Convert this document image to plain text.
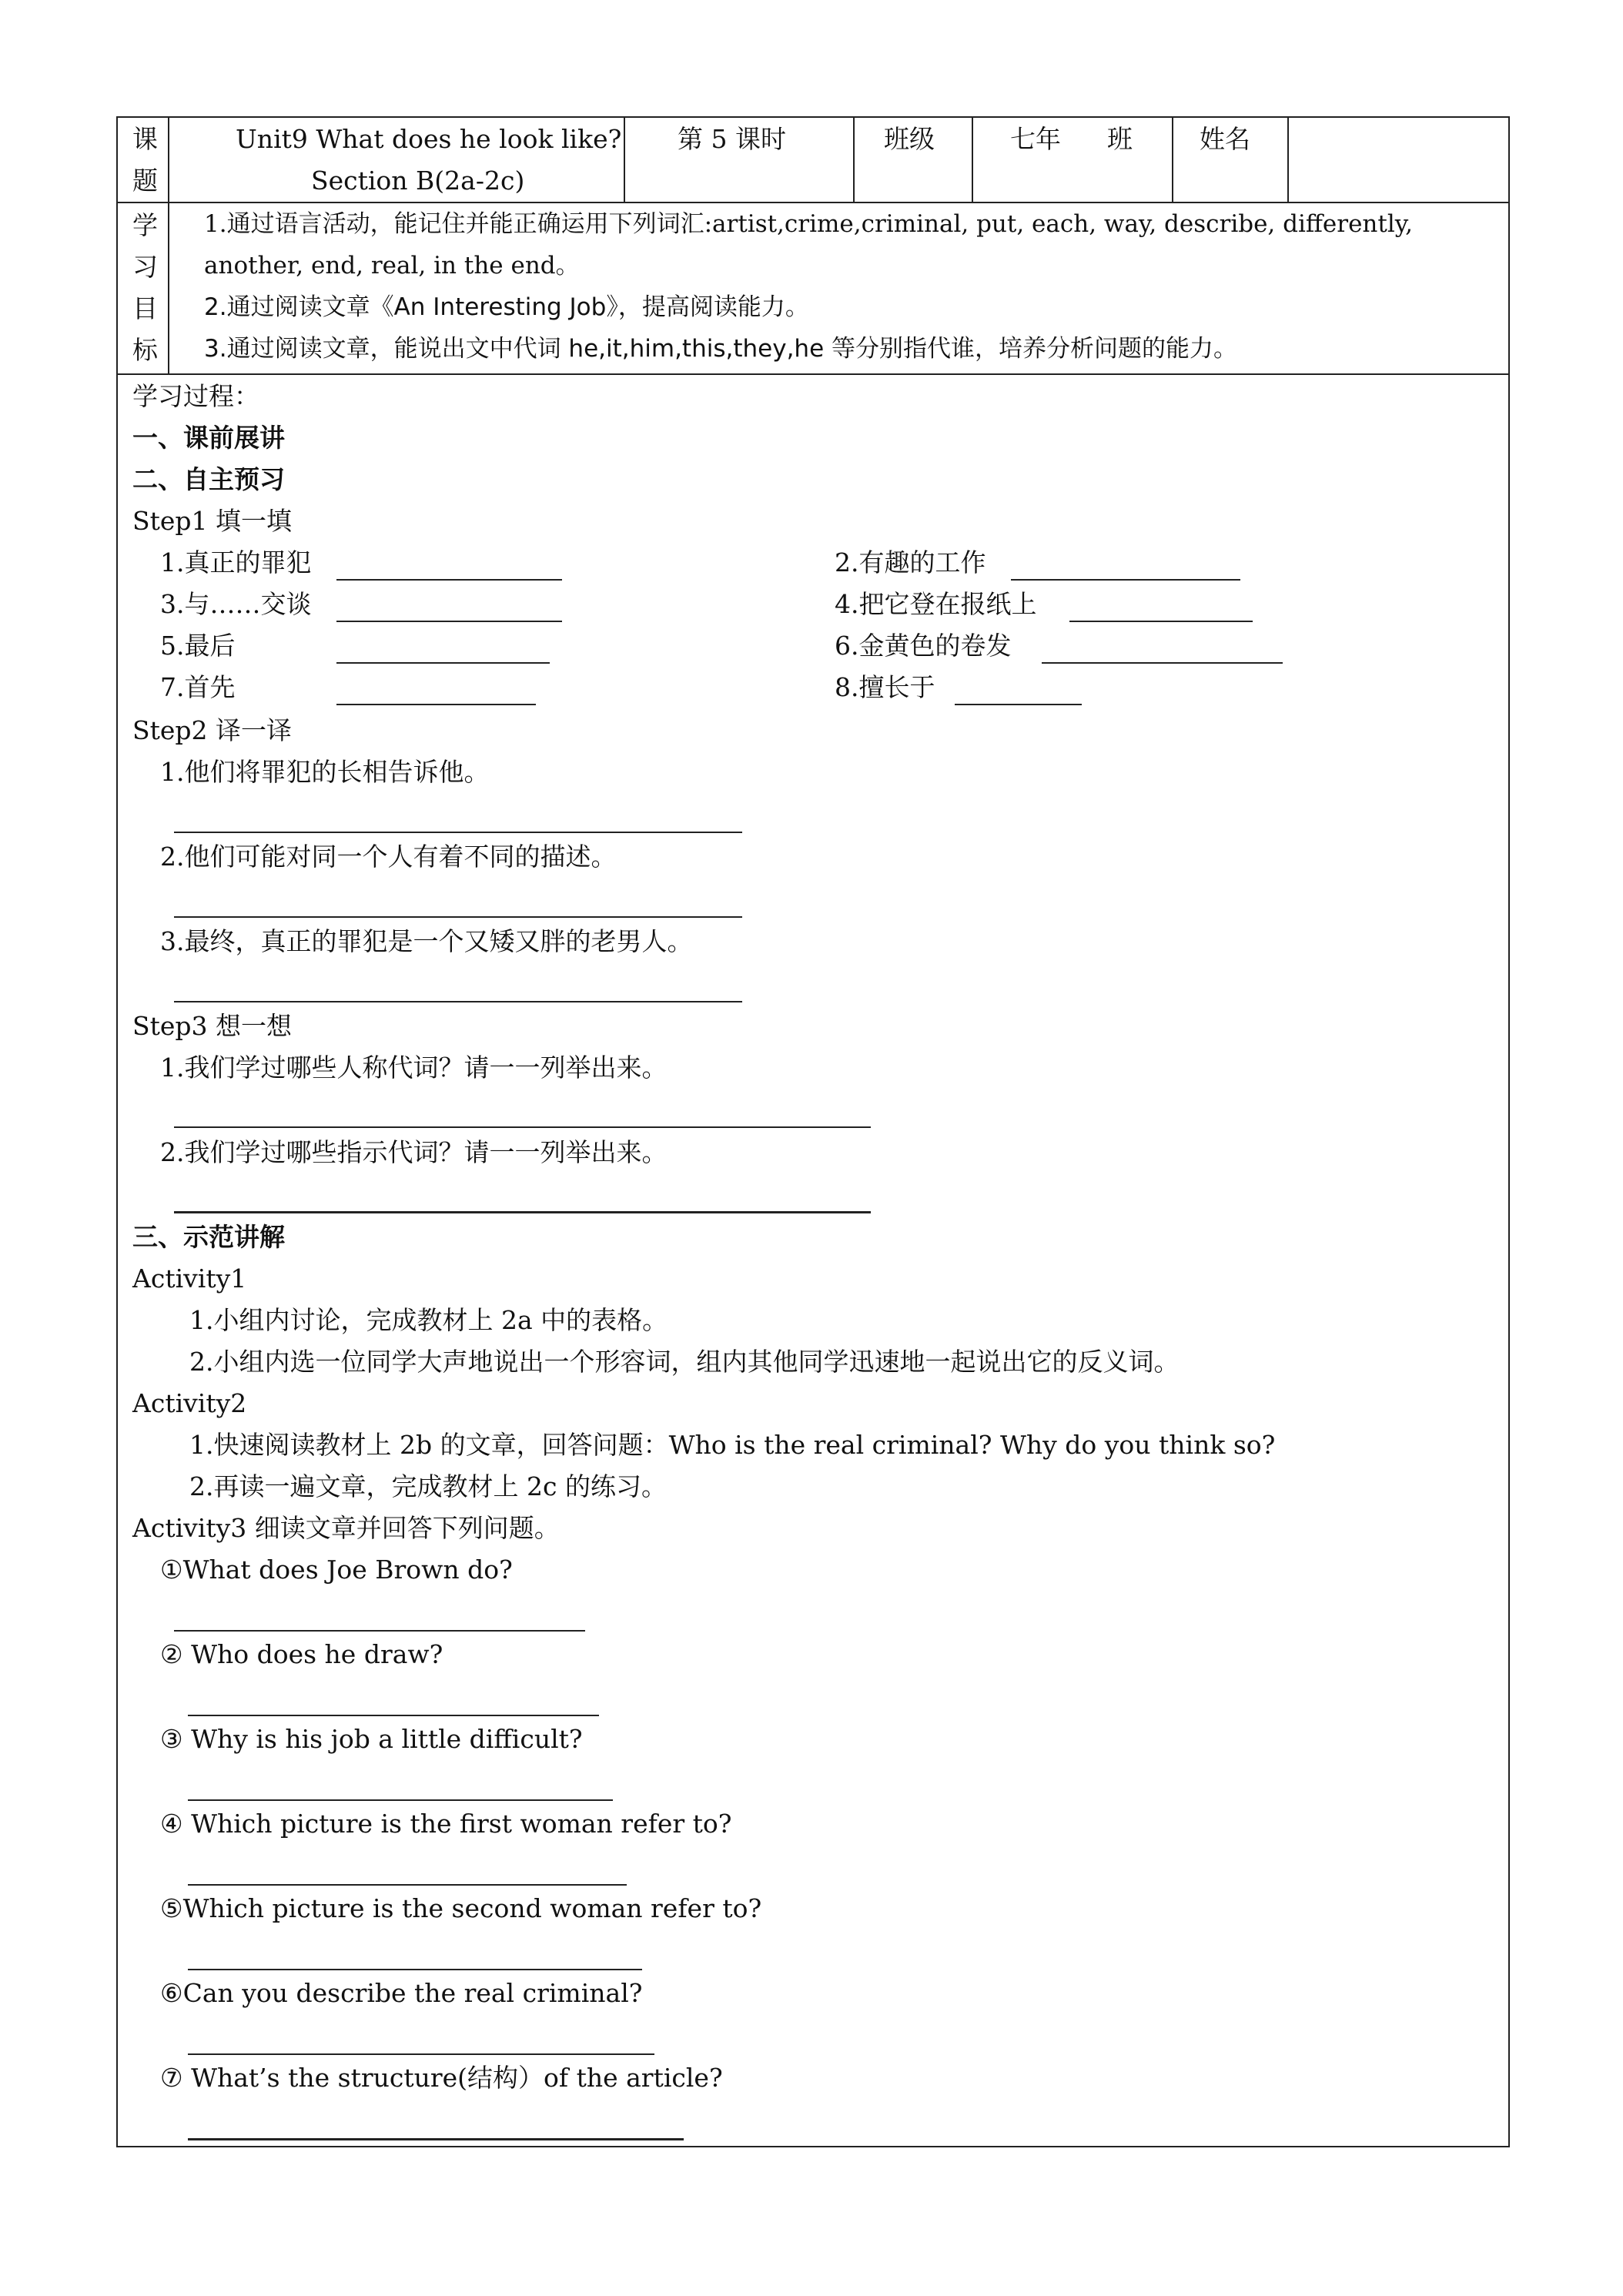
课
题
Unit9 What does he look like?
Section B(2a-2c)
第 5 课时	班级	七年 班	姓名
学
习
目
标
1.通过语言活动，能记住并能正确运用下列词汇:artist,crime,criminal, put, each, way, describe, differently,
another, end, real, in the end。
2.通过阅读文章《An Interesting Job》，提高阅读能力。
3.通过阅读文章，能说出文中代词 he,it,him,this,they,he 等分别指代谁，培养分析问题的能力。
学习过程：
一、课前展讲
二、自主预习
Step1 填一填
1.真正的罪犯	2.有趣的工作
3.与……交谈	4.把它登在报纸上
5.最后	6.金黄色的卷发
7.首先	8.擅长于
Step2 译一译
1.他们将罪犯的长相告诉他。
2.他们可能对同一个人有着不同的描述。
3.最终，真正的罪犯是一个又矮又胖的老男人。
Step3 想一想
1.我们学过哪些人称代词？请一一列举出来。
2.我们学过哪些指示代词？请一一列举出来。
三、示范讲解
Activity1
1.小组内讨论，完成教材上 2a 中的表格。
2.小组内选一位同学大声地说出一个形容词，组内其他同学迅速地一起说出它的反义词。
Activity2
1.快速阅读教材上 2b 的文章，回答问题：Who is the real criminal? Why do you think so?
2.再读一遍文章，完成教材上 2c 的练习。
Activity3 细读文章并回答下列问题。
①What does Joe Brown do?
② Who does he draw?
③ Why is his job a little difficult?
④ Which picture is the first woman refer to?
⑤Which picture is the second woman refer to?
⑥Can you describe the real criminal?
⑦ What’s the structure(结构）of the article?
